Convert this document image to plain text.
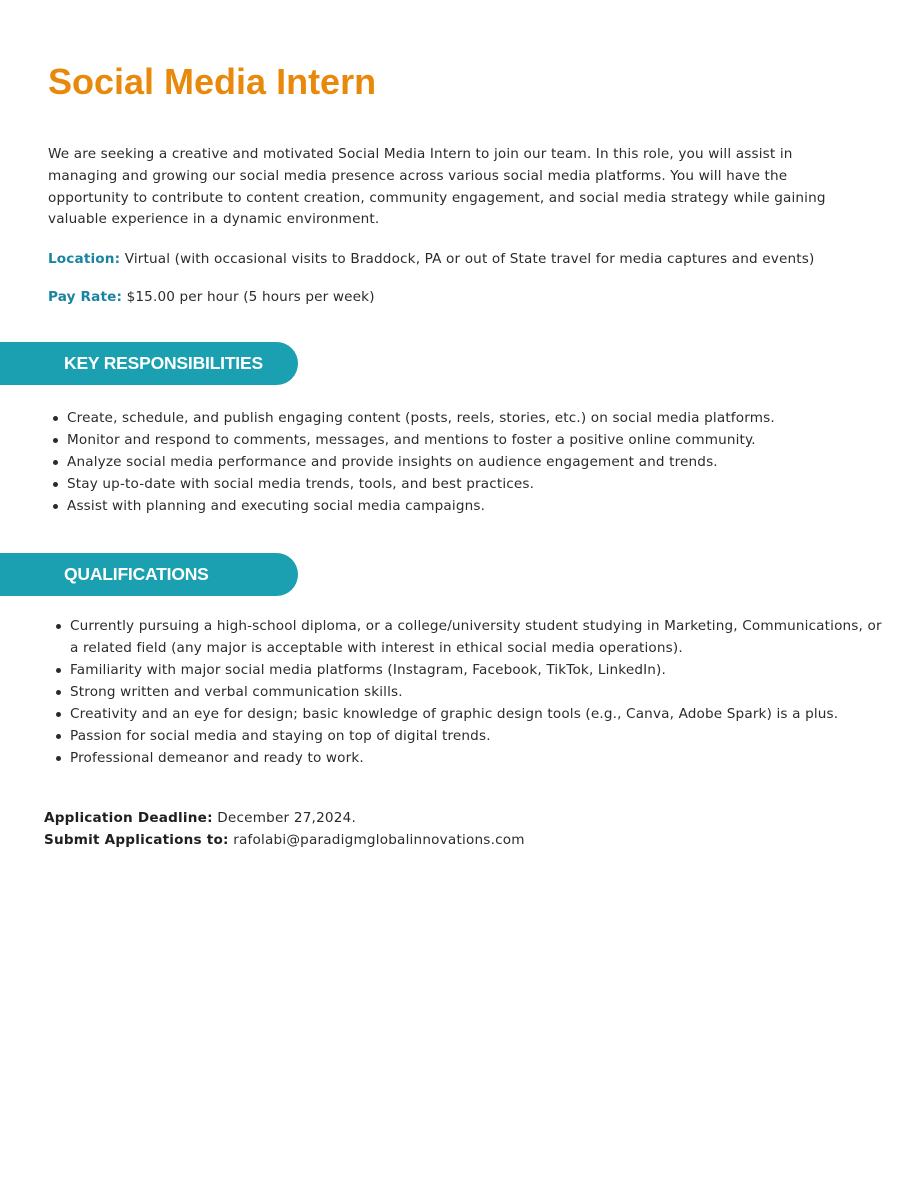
Social Media Intern

We are seeking a creative and motivated Social Media Intern to join our team. In this role, you will assist in managing and growing our social media presence across various social media platforms. You will have the opportunity to contribute to content creation, community engagement, and social media strategy while gaining valuable experience in a dynamic environment.

Location: Virtual (with occasional visits to Braddock, PA or out of State travel for media captures and events)

Pay Rate: $15.00 per hour (5 hours per week)

KEY RESPONSIBILITIES
Create, schedule, and publish engaging content (posts, reels, stories, etc.) on social media platforms.
Monitor and respond to comments, messages, and mentions to foster a positive online community.
Analyze social media performance and provide insights on audience engagement and trends.
Stay up-to-date with social media trends, tools, and best practices.
Assist with planning and executing social media campaigns.
QUALIFICATIONS
Currently pursuing a high-school diploma, or a college/university student studying in Marketing, Communications, or a related field (any major is acceptable with interest in ethical social media operations).
Familiarity with major social media platforms (Instagram, Facebook, TikTok, LinkedIn).
Strong written and verbal communication skills.
Creativity and an eye for design; basic knowledge of graphic design tools (e.g., Canva, Adobe Spark) is a plus.
Passion for social media and staying on top of digital trends.
Professional demeanor and ready to work.

Application Deadline: December 27,2024.

Submit Applications to: rafolabi@paradigmglobalinnovations.com
